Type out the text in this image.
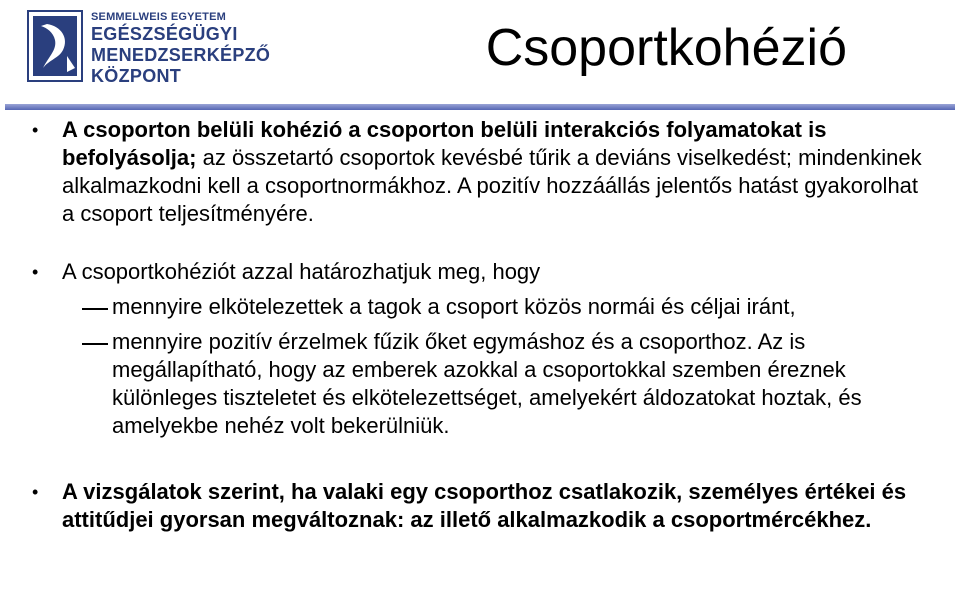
SEMMELWEIS EGYETEM
EGÉSZSÉGÜGYI
MENEDZSERKÉPZŐ
KÖZPONT	Csoportkohézió
•	A csoporton belüli kohézió a csoporton belüli interakciós folyamatokat is befolyásolja; az összetartó csoportok kevésbé tűrik a deviáns viselkedést; mindenkinek alkalmazkodni kell a csoportnormákhoz. A pozitív hozzáállás jelentős hatást gyakorolhat a csoport teljesítményére.
•	A csoportkohéziót azzal határozhatjuk meg, hogy
mennyire elkötelezettek a tagok a csoport közös normái és céljai iránt,
mennyire pozitív érzelmek fűzik őket egymáshoz és a csoporthoz. Az is megállapítható, hogy az emberek azokkal a csoportokkal szemben éreznek különleges tiszteletet és elkötelezettséget, amelyekért áldozatokat hoztak, és amelyekbe nehéz volt bekerülniük.
•	A vizsgálatok szerint, ha valaki egy csoporthoz csatlakozik, személyes értékei és attitűdjei gyorsan megváltoznak: az illető alkalmazkodik a csoportmércékhez.
